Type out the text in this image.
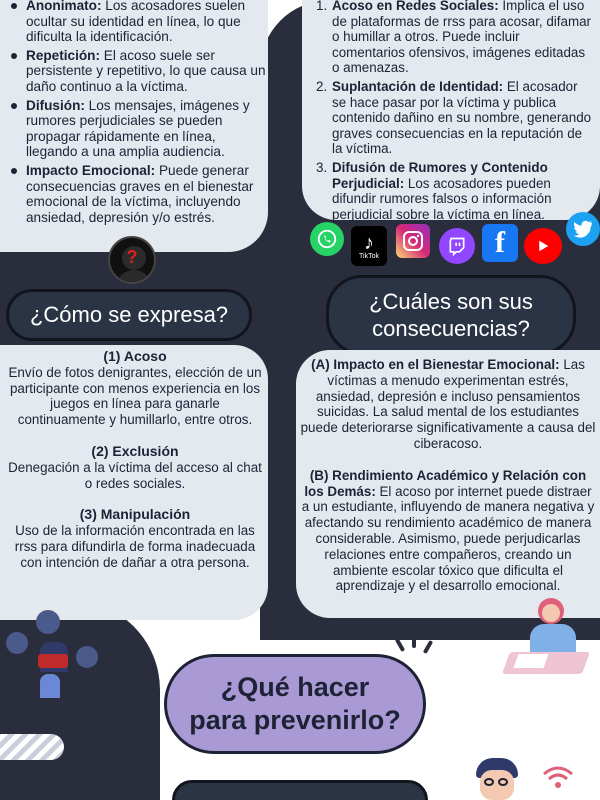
Anonimato: Los acosadores suelen ocultar su identidad en línea, lo que dificulta la identificación.
Repetición: El acoso suele ser persistente y repetitivo, lo que causa un daño continuo a la víctima.
Difusión: Los mensajes, imágenes y rumores perjudiciales se pueden propagar rápidamente en línea, llegando a una amplia audiencia.
Impacto Emocional: Puede generar consecuencias graves en el bienestar emocional de la víctima, incluyendo ansiedad, depresión y/o estrés.
1. Acoso en Redes Sociales: Implica el uso de plataformas de rrss para acosar, difamar o humillar a otros. Puede incluir comentarios ofensivos, imágenes editadas o amenazas.
2. Suplantación de Identidad: El acosador se hace pasar por la víctima y publica contenido dañino en su nombre, generando graves consecuencias en la reputación de la víctima.
3. Difusión de Rumores y Contenido Perjudicial: Los acosadores pueden difundir rumores falsos o información perjudicial sobre la víctima en línea.
♪
TikTok	f
?
¿Cómo se expresa?
¿Cuáles son sus consecuencias?
(1) Acoso
Envío de fotos denigrantes, elección de un participante con menos experiencia en los juegos en línea para ganarle continuamente y humillarlo, entre otros.
(2) Exclusión
Denegación a la víctima del acceso al chat o redes sociales.
(3) Manipulación
Uso de la información encontrada en las rrss para difundirla de forma inadecuada con intención de dañar a otra persona.
(A) Impacto en el Bienestar Emocional: Las víctimas a menudo experimentan estrés, ansiedad, depresión e incluso pensamientos suicidas. La salud mental de los estudiantes puede deteriorarse significativamente a causa del ciberacoso.
(B) Rendimiento Académico y Relación con los Demás: El acoso por internet puede distraer a un estudiante, influyendo de manera negativa y afectando su rendimiento académico de manera considerable. Asimismo, puede perjudicarlas relaciones entre compañeros, creando un ambiente escolar tóxico que dificulta el aprendizaje y el desarrollo emocional.
¿Qué hacer para prevenirlo?
